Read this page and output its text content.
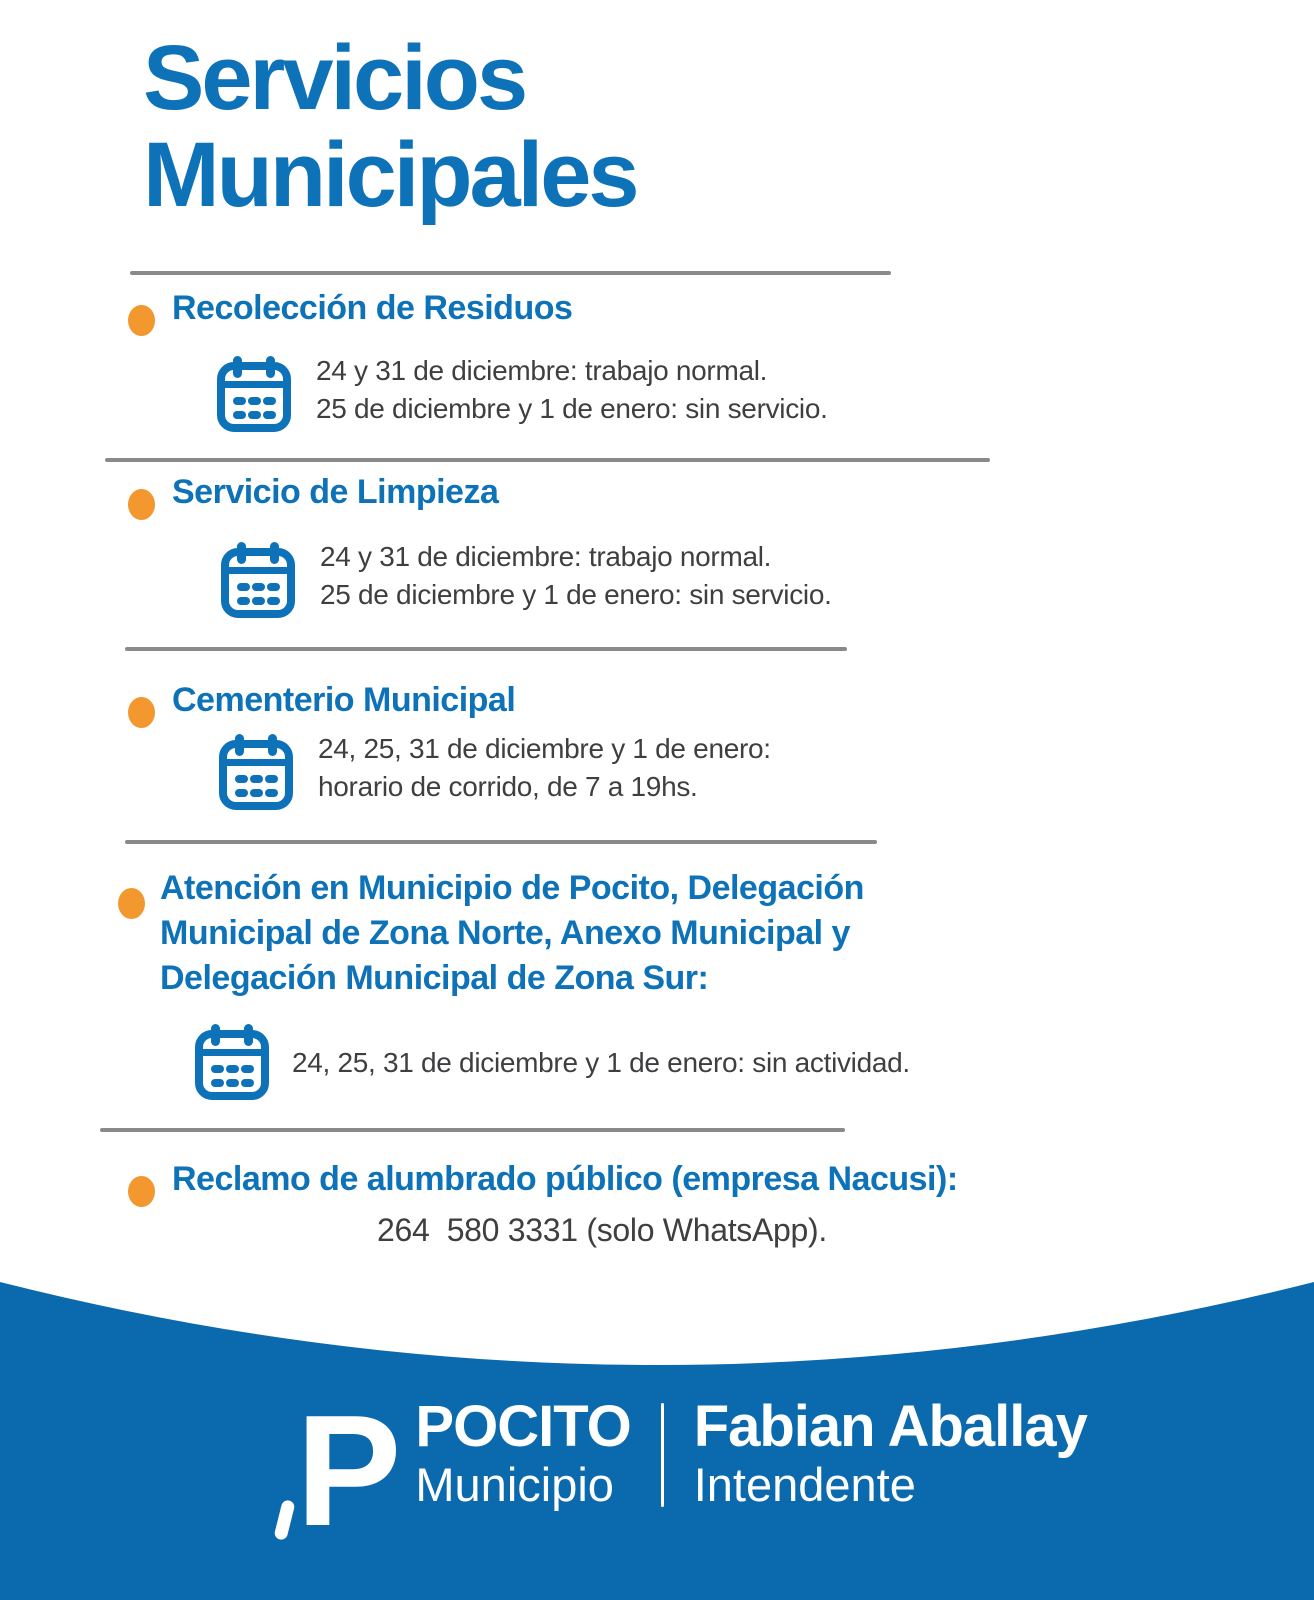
Servicios Municipales
Recolección de Residuos
24 y 31 de diciembre: trabajo normal.
25 de diciembre y 1 de enero: sin servicio.
Servicio de Limpieza
24 y 31 de diciembre: trabajo normal.
25 de diciembre y 1 de enero: sin servicio.
Cementerio Municipal
24, 25, 31 de diciembre y 1 de enero:
horario de corrido, de 7 a 19hs.
Atención en Municipio de Pocito, Delegación
Municipal de Zona Norte, Anexo Municipal y
Delegación Municipal de Zona Sur:
24, 25, 31 de diciembre y 1 de enero: sin actividad.
Reclamo de alumbrado público (empresa Nacusi):
264  580 3331 (solo WhatsApp).
P POCITO
Municipio
Fabian Aballay
Intendente
